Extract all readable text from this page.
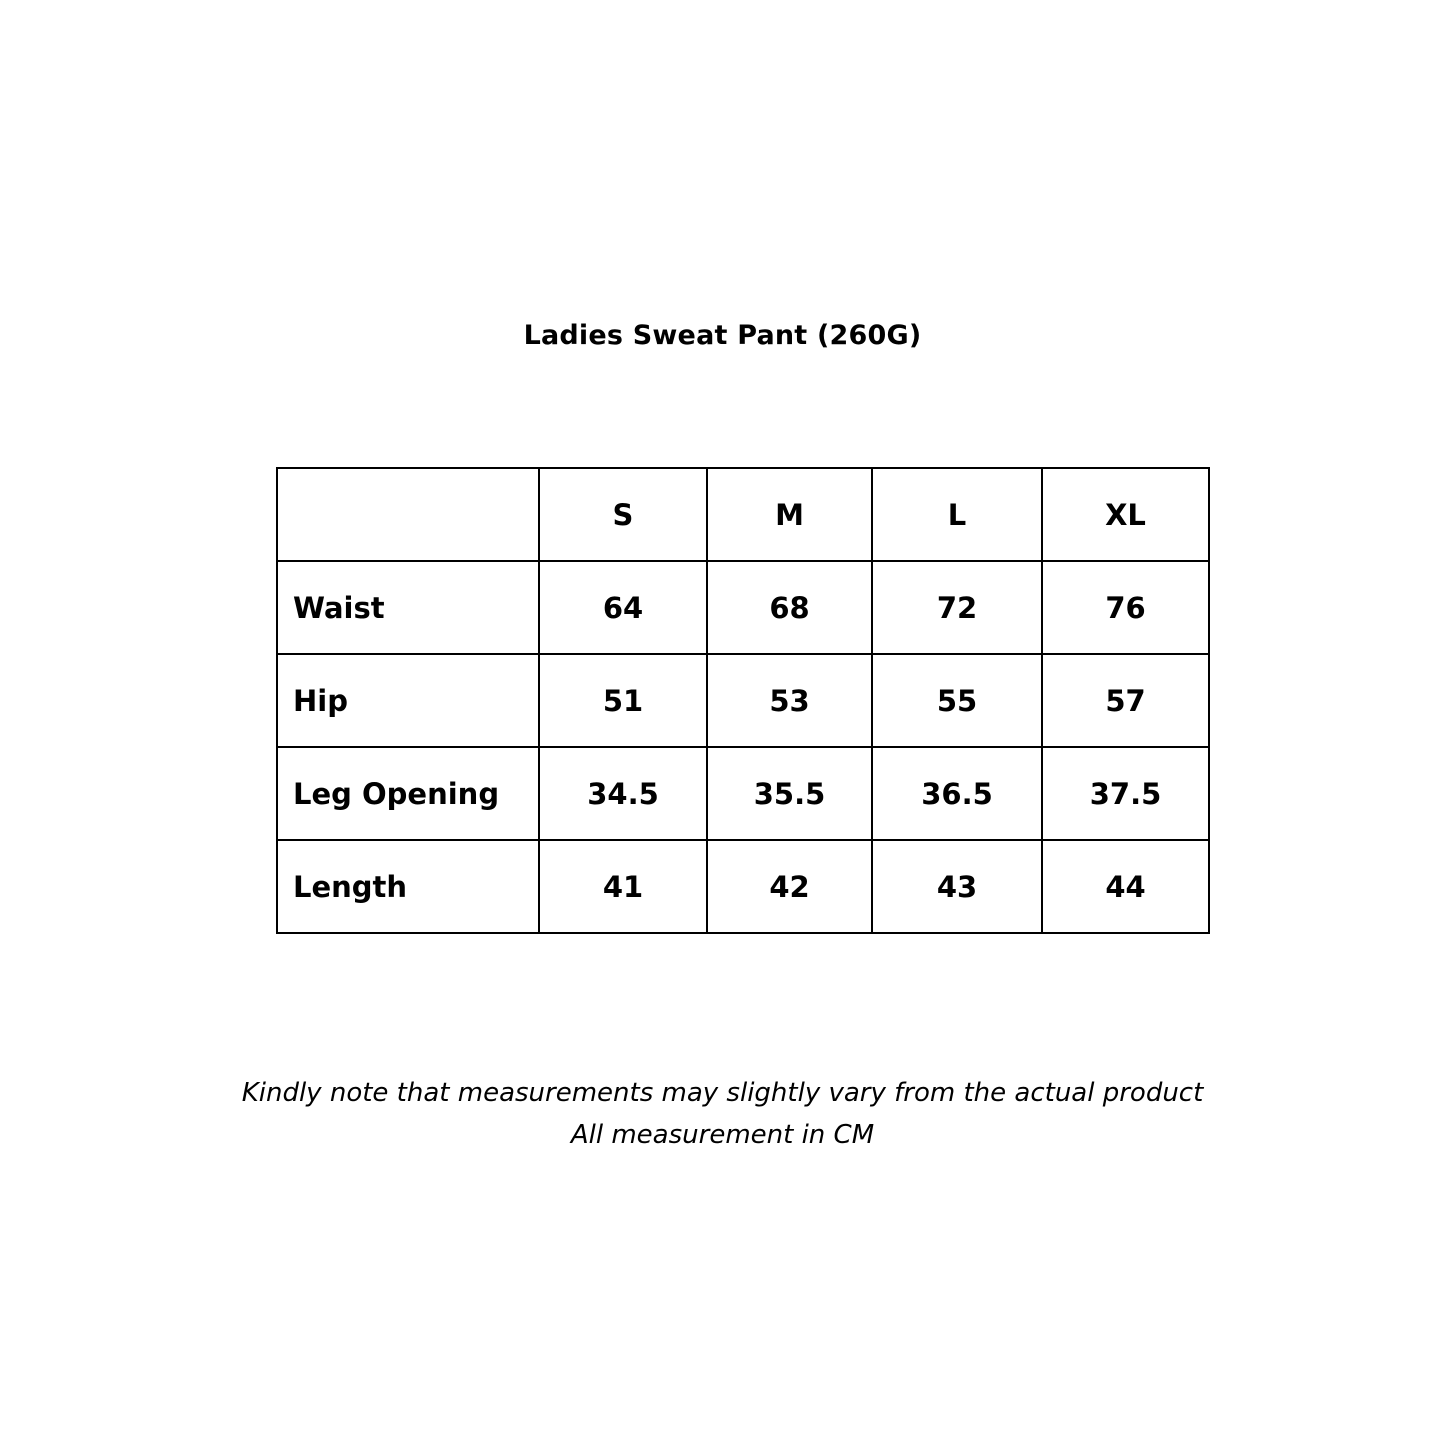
Ladies Sweat Pant (260G)
	S	M	L	XL
Waist	64	68	72	76
Hip	51	53	55	57
Leg Opening	34.5	35.5	36.5	37.5
Length	41	42	43	44
Kindly note that measurements may slightly vary from the actual product
All measurement in CM
